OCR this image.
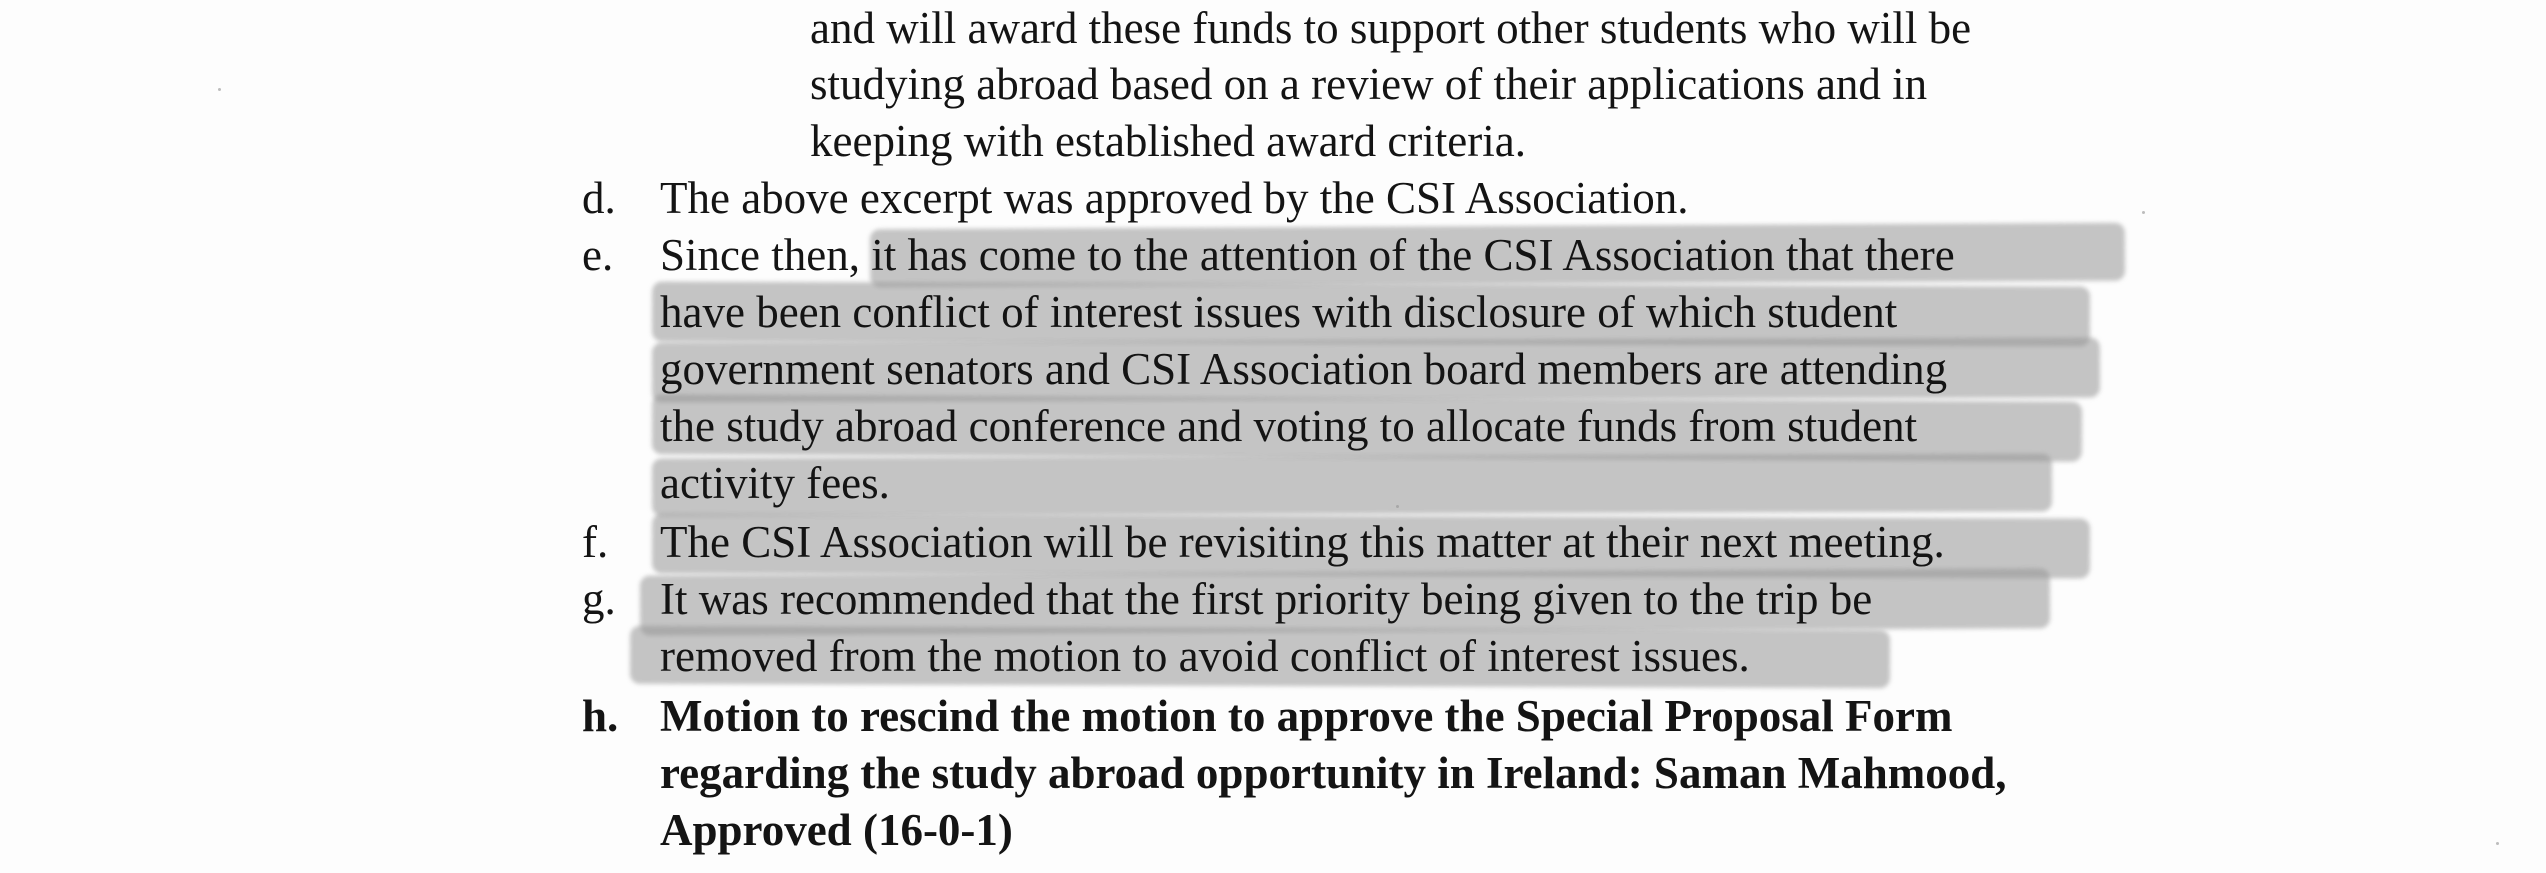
and will award these funds to support other students who will be
studying abroad based on a review of their applications and in
keeping with established award criteria.
d. The above excerpt was approved by the CSI Association.
e.	Since then, it has come to the attention of the CSI Association that there
have been conflict of interest issues with disclosure of which student
government senators and CSI Association board members are attending
the study abroad conference and voting to allocate funds from student
activity fees.
f.	The CSI Association will be revisiting this matter at their next meeting.
g. It was recommended that the first priority being given to the trip be
removed from the motion to avoid conflict of interest issues.
h. Motion to rescind the motion to approve the Special Proposal Form
regarding the study abroad opportunity in Ireland: Saman Mahmood,
Approved (16-0-1)
